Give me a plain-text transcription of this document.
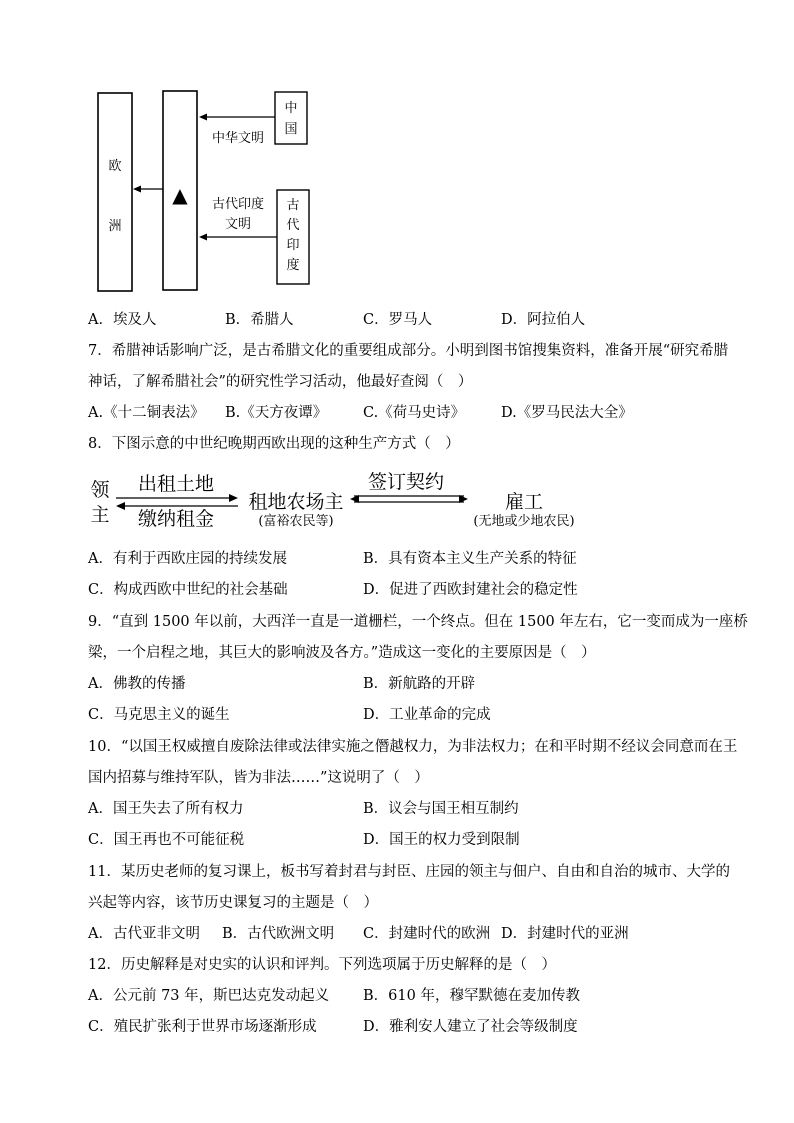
欧
洲
▲
中
国
中华文明
古
代
印
度
古代印度
文明
A．埃及人	B．希腊人	C．罗马人	D．阿拉伯人
7．希腊神话影响广泛，是古希腊文化的重要组成部分。小明到图书馆搜集资料，准备开展“研究希腊
神话，了解希腊社会”的研究性学习活动，他最好查阅（　）
A.《十二铜表法》 B.《天方夜谭》 C.《荷马史诗》 D.《罗马民法大全》
8．下图示意的中世纪晚期西欧出现的这种生产方式（　）
领
主
出租土地
缴纳租金
租地农场主
(富裕农民等)
签订契约
雇工
(无地或少地农民)
A．有利于西欧庄园的持续发展	B．具有资本主义生产关系的特征
C．构成西欧中世纪的社会基础	D．促进了西欧封建社会的稳定性
9．“直到 1500 年以前，大西洋一直是一道栅栏，一个终点。但在 1500 年左右，它一变而成为一座桥
梁，一个启程之地，其巨大的影响波及各方。”造成这一变化的主要原因是（　）
A．佛教的传播	B．新航路的开辟
C．马克思主义的诞生	D．工业革命的完成
10．“以国王权威擅自废除法律或法律实施之僭越权力，为非法权力；在和平时期不经议会同意而在王
国内招募与维持军队，皆为非法……”这说明了（　）
A．国王失去了所有权力	B．议会与国王相互制约
C．国王再也不可能征税	D．国王的权力受到限制
11．某历史老师的复习课上，板书写着封君与封臣、庄园的领主与佃户、自由和自治的城市、大学的
兴起等内容，该节历史课复习的主题是（　）
A．古代亚非文明 B．古代欧洲文明 C．封建时代的欧洲 D．封建时代的亚洲
12．历史解释是对史实的认识和评判。下列选项属于历史解释的是（　）
A．公元前 73 年，斯巴达克发动起义 B．610 年，穆罕默德在麦加传教
C．殖民扩张利于世界市场逐渐形成	D．雅利安人建立了社会等级制度
